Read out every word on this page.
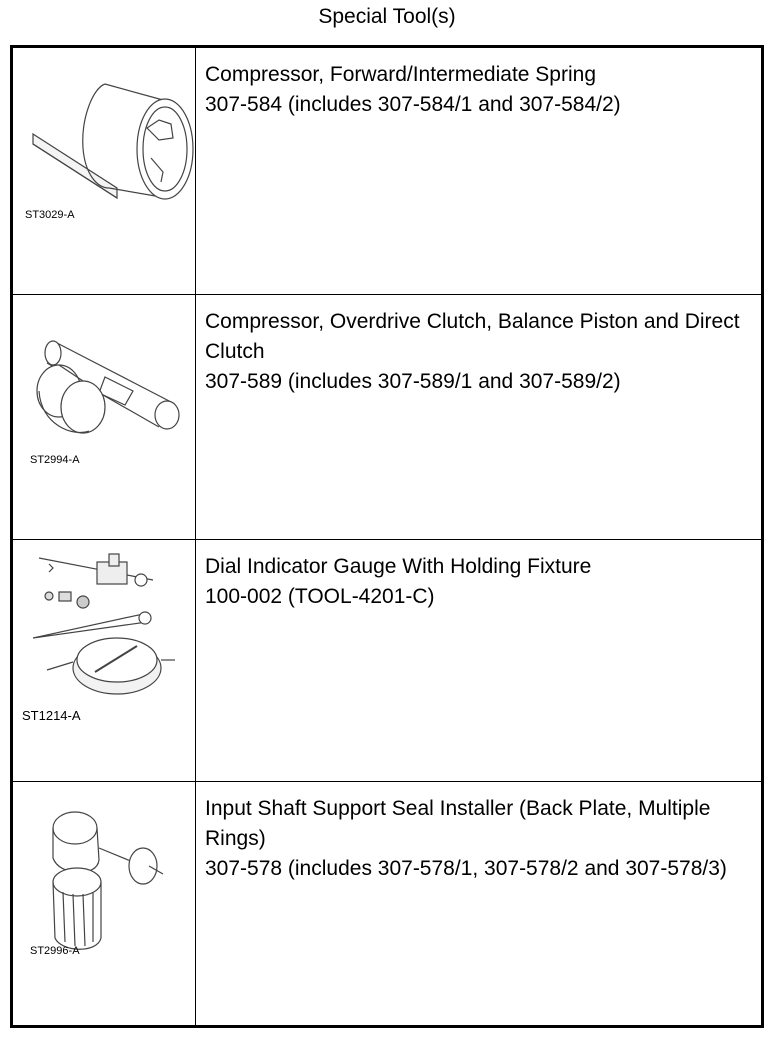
Special Tool(s)
ST3029-A
Compressor, Forward/Intermediate Spring
307-584 (includes 307-584/1 and 307-584/2)
ST2994-A
Compressor, Overdrive Clutch, Balance Piston and Direct Clutch
307-589 (includes 307-589/1 and 307-589/2)
ST1214-A
Dial Indicator Gauge With Holding Fixture
100-002 (TOOL-4201-C)
ST2996-A
Input Shaft Support Seal Installer (Back Plate, Multiple Rings)
307-578 (includes 307-578/1, 307-578/2 and 307-578/3)
